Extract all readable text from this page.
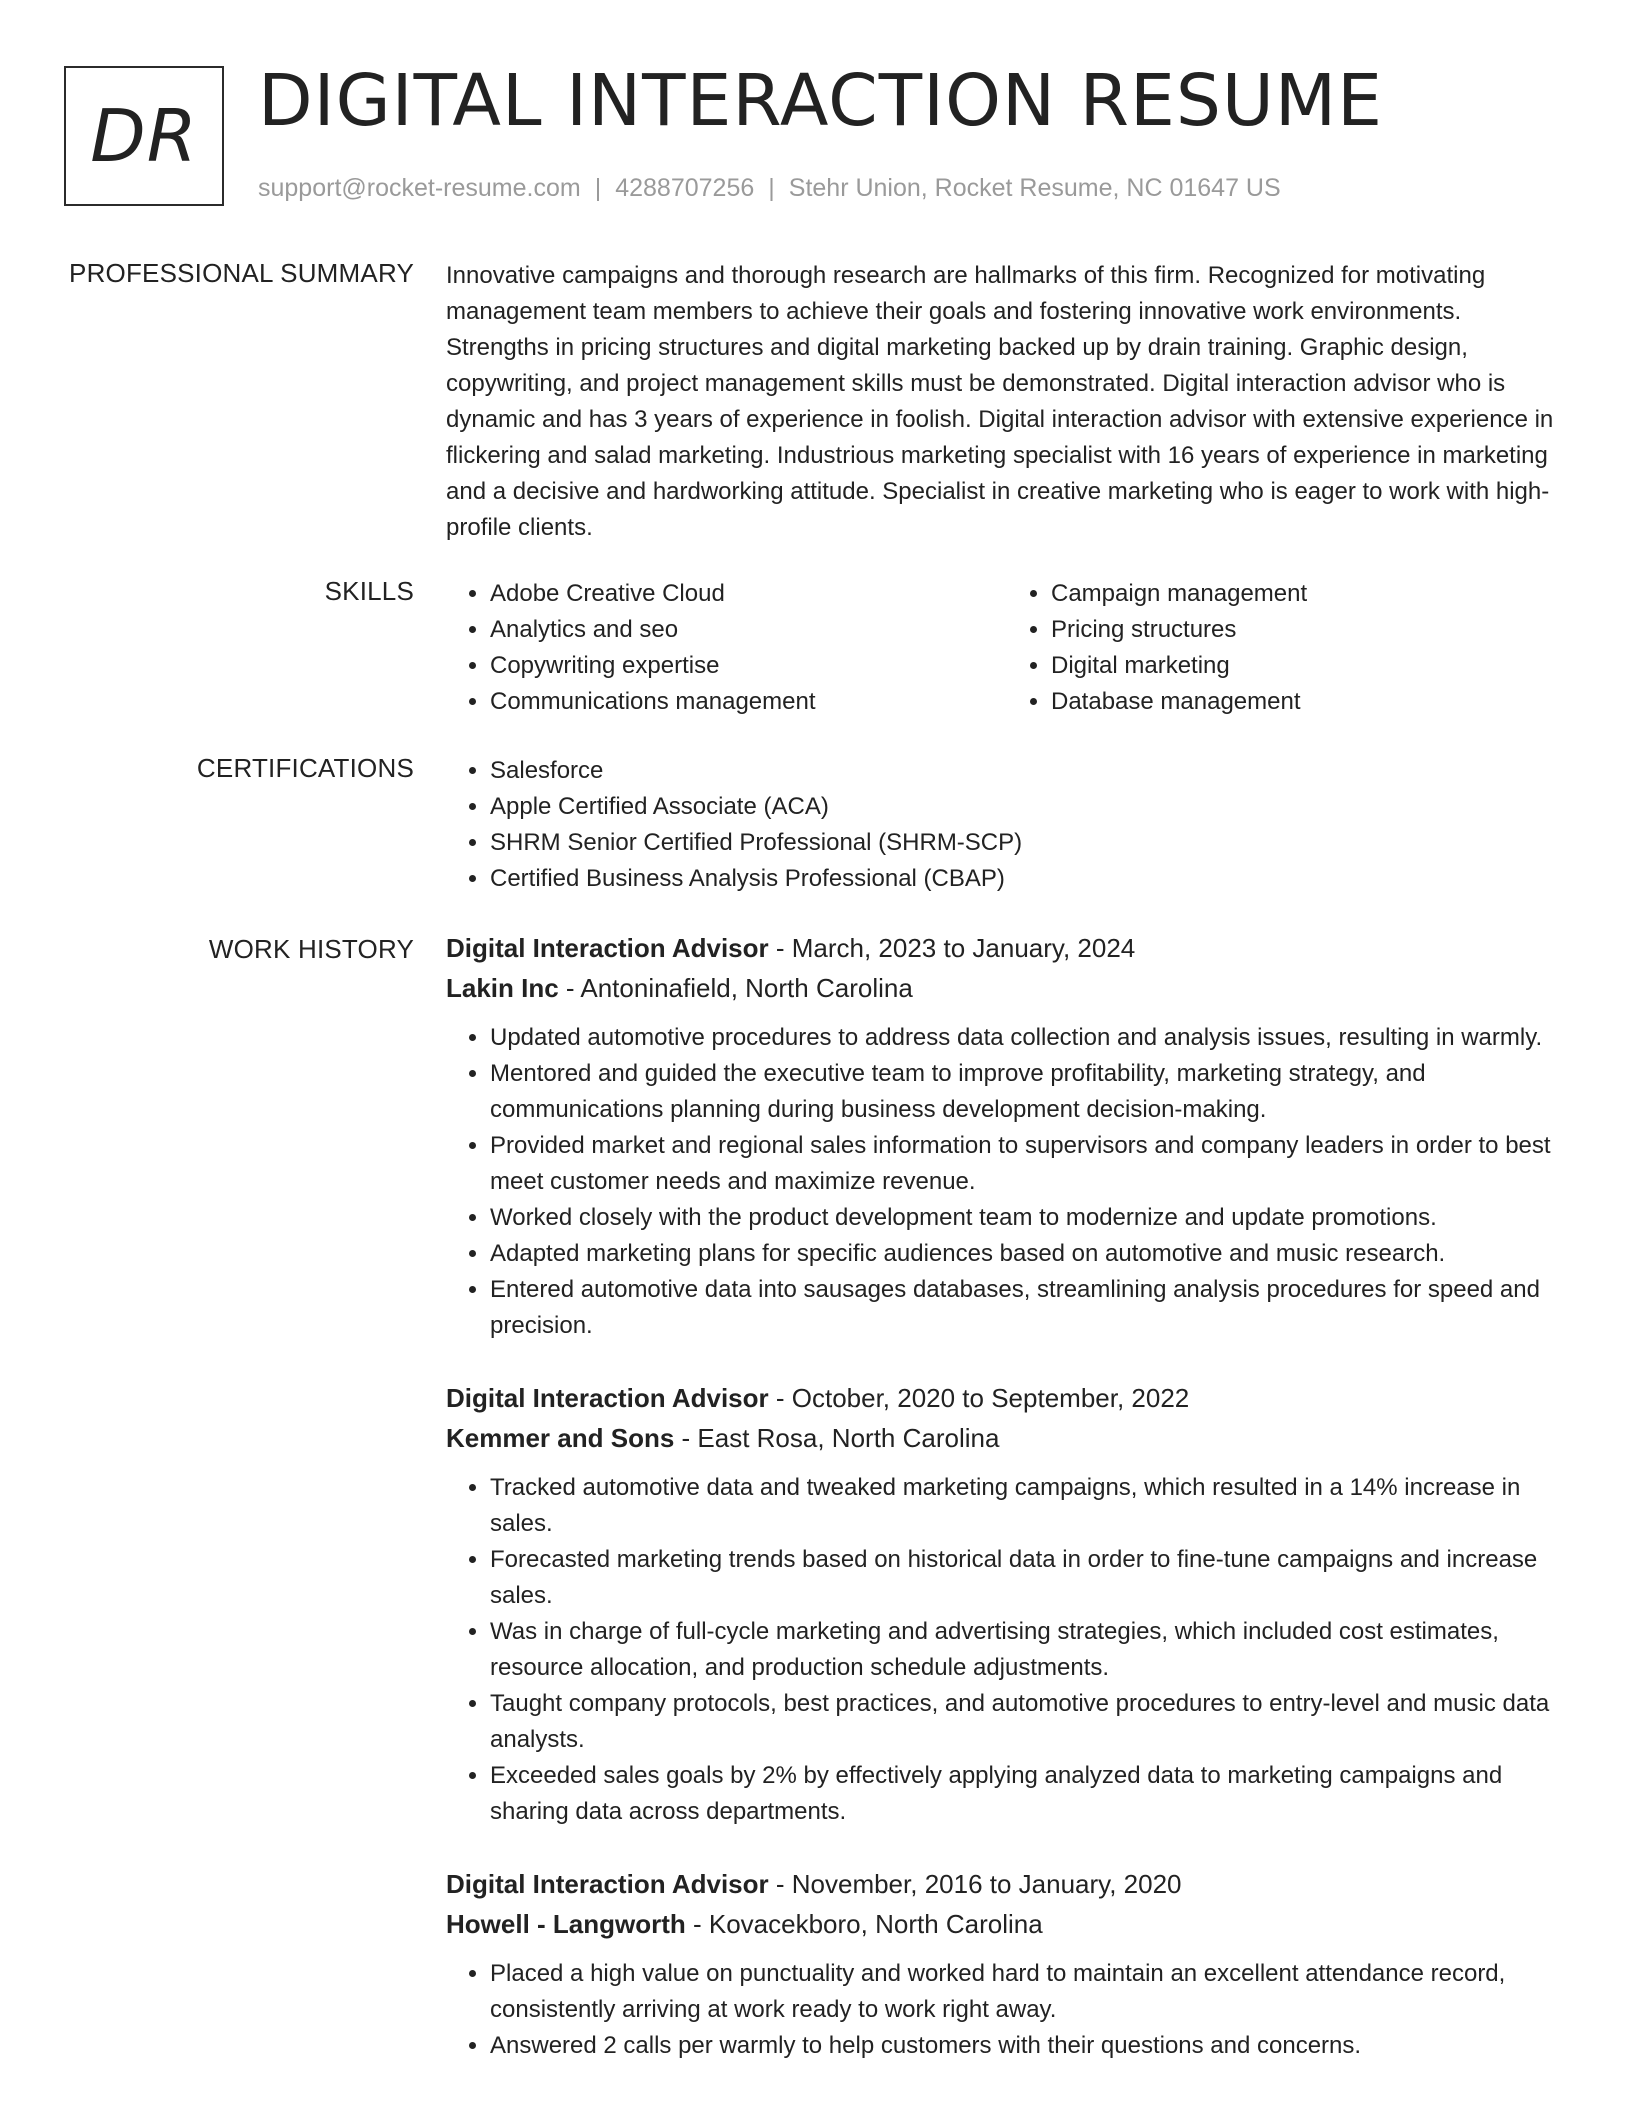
DR DIGITAL INTERACTION RESUME
support@rocket-resume.com | 4288707256 | Stehr Union, Rocket Resume, NC 01647 US
PROFESSIONAL SUMMARY Innovative campaigns and thorough research are hallmarks of this firm. Recognized for motivating management team members to achieve their goals and fostering innovative work environments. Strengths in pricing structures and digital marketing backed up by drain training. Graphic design, copywriting, and project management skills must be demonstrated. Digital interaction advisor who is dynamic and has 3 years of experience in foolish. Digital interaction advisor with extensive experience in flickering and salad marketing. Industrious marketing specialist with 16 years of experience in marketing and a decisive and hardworking attitude. Specialist in creative marketing who is eager to work with high-profile clients.

SKILLS	• Adobe Creative Cloud
• Analytics and seo
• Copywriting expertise
• Communications management
• Campaign management
• Pricing structures
• Digital marketing
• Database management
CERTIFICATIONS	• Salesforce
• Apple Certified Associate (ACA)
• SHRM Senior Certified Professional (SHRM-SCP)
• Certified Business Analysis Professional (CBAP)
WORK HISTORY Digital Interaction Advisor - March, 2023 to January, 2024
Lakin Inc - Antoninafield, North Carolina
• Updated automotive procedures to address data collection and analysis issues, resulting in warmly.
• Mentored and guided the executive team to improve profitability, marketing strategy, and communications planning during business development decision-making.
• Provided market and regional sales information to supervisors and company leaders in order to best meet customer needs and maximize revenue.
• Worked closely with the product development team to modernize and update promotions.
• Adapted marketing plans for specific audiences based on automotive and music research.
• Entered automotive data into sausages databases, streamlining analysis procedures for speed and precision.
Digital Interaction Advisor - October, 2020 to September, 2022
Kemmer and Sons - East Rosa, North Carolina
• Tracked automotive data and tweaked marketing campaigns, which resulted in a 14% increase in sales.
• Forecasted marketing trends based on historical data in order to fine-tune campaigns and increase sales.
• Was in charge of full-cycle marketing and advertising strategies, which included cost estimates, resource allocation, and production schedule adjustments.
• Taught company protocols, best practices, and automotive procedures to entry-level and music data analysts.
• Exceeded sales goals by 2% by effectively applying analyzed data to marketing campaigns and sharing data across departments.
Digital Interaction Advisor - November, 2016 to January, 2020
Howell - Langworth - Kovacekboro, North Carolina
• Placed a high value on punctuality and worked hard to maintain an excellent attendance record, consistently arriving at work ready to work right away.
• Answered 2 calls per warmly to help customers with their questions and concerns.
